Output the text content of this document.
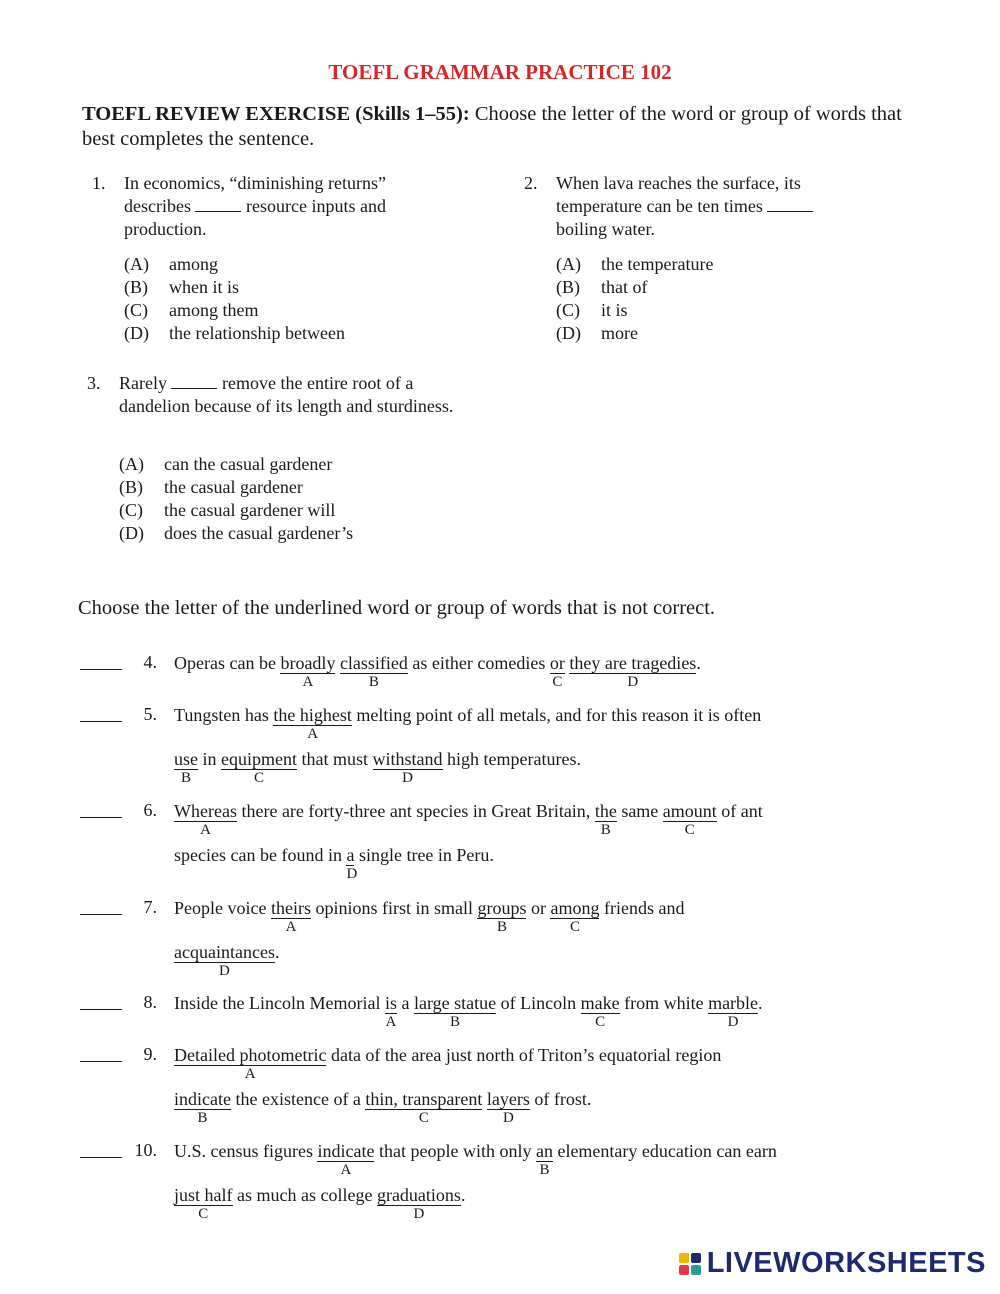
TOEFL GRAMMAR PRACTICE 102
TOEFL REVIEW EXERCISE (Skills 1–55): Choose the letter of the word or group of words that best completes the sentence.
1. In economics, “diminishing returns” describes	resource inputs and production.
(A) among
(B) when it is
(C) among them
(D) the relationship between
2. When lava reaches the surface, its temperature can be ten times  boiling water.
(A) the temperature
(B) that of
(C) it is
(D) more
3. Rarely	remove the entire root of a dandelion because of its length and sturdiness.
(A) can the casual gardener
(B) the casual gardener
(C) the casual gardener will
(D) does the casual gardener’s
Choose the letter of the underlined word or group of words that is not correct.
4. Operas can be broadly
A
classified
B
as either comedies or
C
they are tragedies
D
.
5. Tungsten has the highest
A
melting point of all metals, and for this reason it is often
use
B
in equipment
C
that must withstand
D
high temperatures.
6. Whereas
A
there are forty-three ant species in Great Britain, the
B
same amount
C
of ant
species can be found in a
D
single tree in Peru.
7. People voice theirs
A
opinions first in small groups
B
or among
C
friends and
acquaintances
D
.
8. Inside the Lincoln Memorial is
A
a large statue
B
of Lincoln make
C
from white marble
D
.
9. Detailed photometric
A
data of the area just north of Triton’s equatorial region
indicate
B
the existence of a thin, transparent
C
layers
D
of frost.
10. U.S. census figures indicate
A
that people with only an
B
elementary education can earn
just half
C
as much as college graduations
D
.
LIVEWORKSHEETS
